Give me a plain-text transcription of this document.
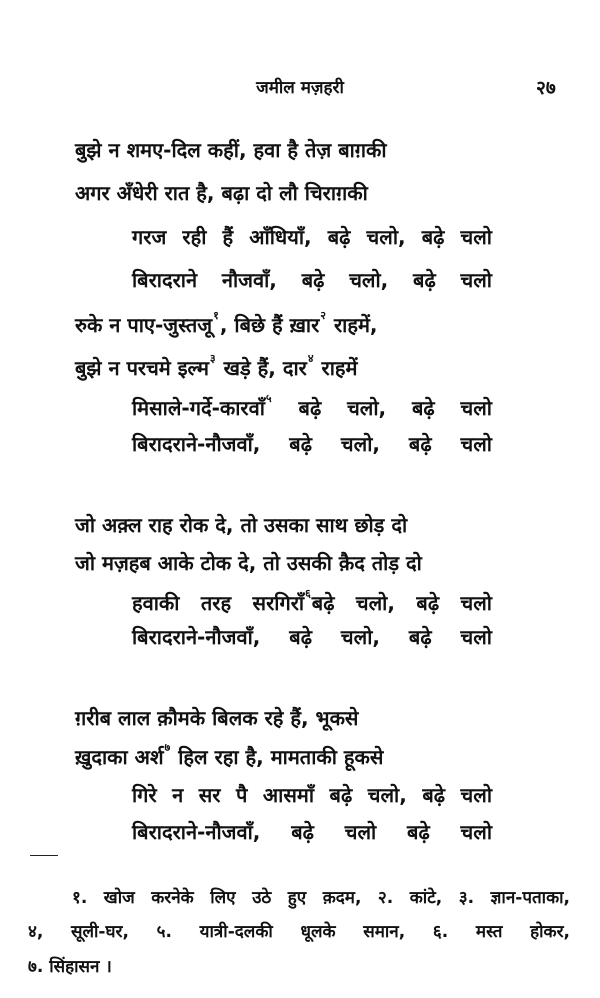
जमील मज़हरी	२७
बुझे न शमए-दिल कहीं, हवा है तेज़ बाग़की
अगर अँधेरी रात है, बढ़ा दो लौ चिराग़की
गरज रही हैं आँधियाँ, बढ़े चलो, बढ़े चलो
बिरादराने नौजवाँ, बढ़े चलो, बढ़े चलो
रुके न पाए-जुस्तजू$^१$, बिछे हैं ख़ार$^२$ राहमें,
बुझे न परचमे इल्म$^३$ खड़े हैं, दार$^४$ राहमें
मिसाले-गर्दे-कारवाँ$^५$ बढ़े चलो, बढ़े चलो
बिरादराने-नौजवाँ, बढ़े चलो, बढ़े चलो
जो अक़्ल राह रोक दे, तो उसका साथ छोड़ दो
जो मज़हब आके टोक दे, तो उसकी क़ैद तोड़ दो
हवाकी तरह सरगिराँ$^६$बढ़े चलो, बढ़े चलो
बिरादराने-नौजवाँ, बढ़े चलो, बढ़े चलो
ग़रीब लाल क़ौमके बिलक रहे हैं, भूकसे
ख़ुदाका अर्श$^७$ हिल रहा है, मामताकी हूकसे
गिरे न सर पै आसमाँ बढ़े चलो, बढ़े चलो
बिरादराने-नौजवाँ, बढ़े चलो बढ़े चलो
१. खोज करनेके लिए उठे हुए क़दम, २. कांटे, ३. ज्ञान-पताका,
४, सूली-घर, ५. यात्री-दलकी धूलके समान, ६. मस्त होकर,
७. सिंहासन ।
